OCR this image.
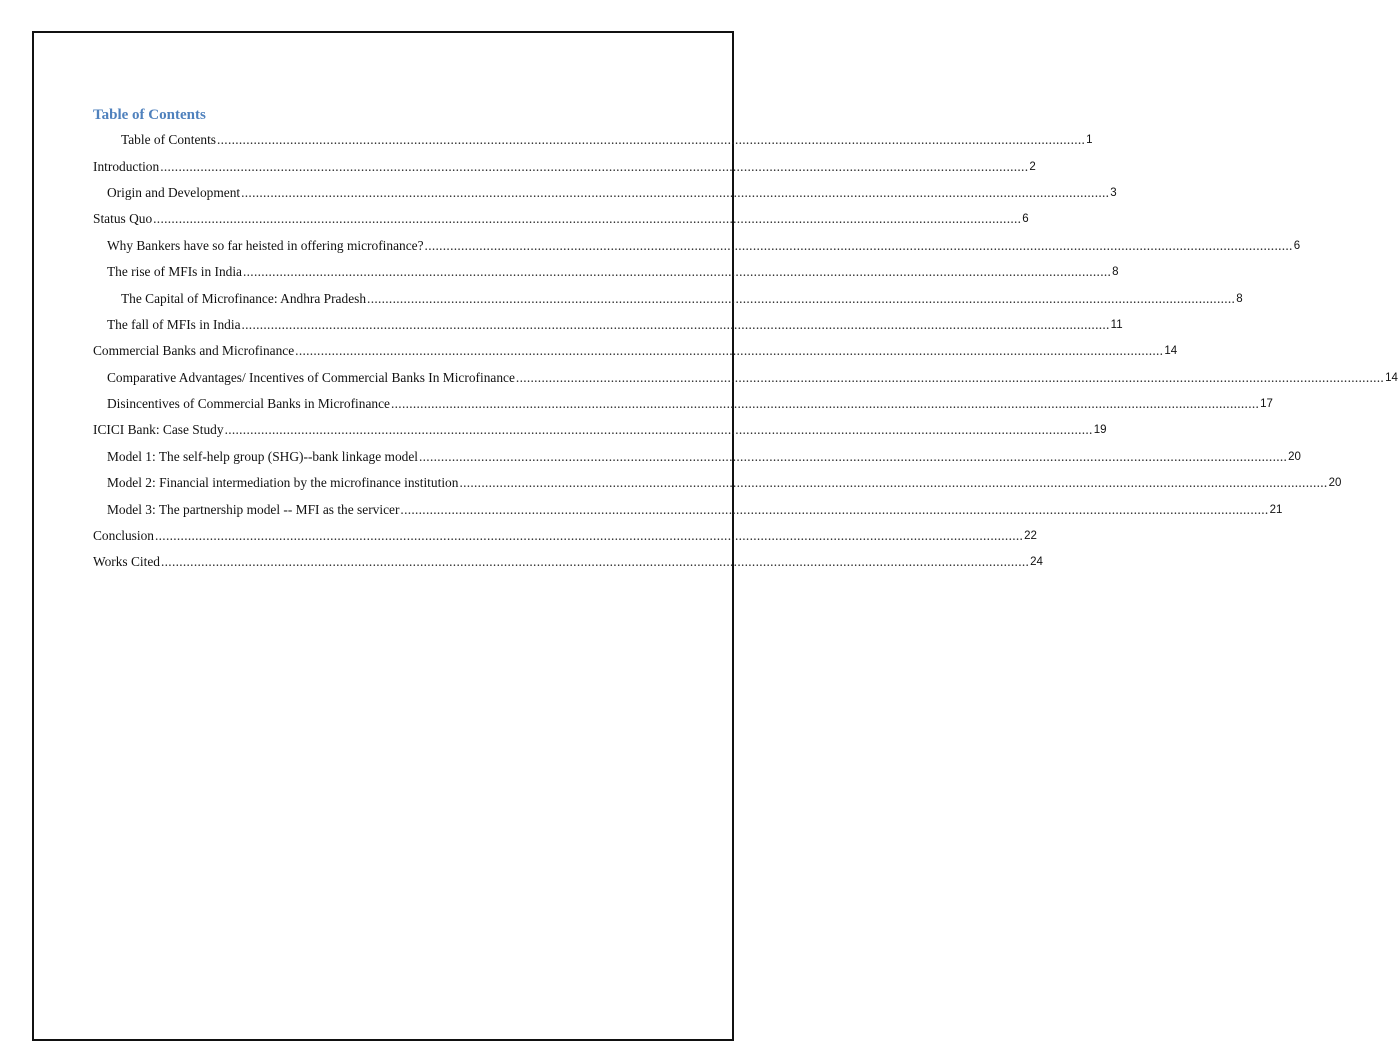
Table of Contents
Table of Contents .............................................................................................................................................................................................................................................. 1
Introduction .............................................................................................................................................................................................................................................. 2
Origin and Development .............................................................................................................................................................................................................................................. 3
Status Quo .............................................................................................................................................................................................................................................. 6
Why Bankers have so far heisted in offering microfinance? .............................................................................................................................................................................................................................................. 6
The rise of MFIs in India .............................................................................................................................................................................................................................................. 8
The Capital of Microfinance: Andhra Pradesh .............................................................................................................................................................................................................................................. 8
The fall of MFIs in India .............................................................................................................................................................................................................................................. 11
Commercial Banks and Microfinance .............................................................................................................................................................................................................................................. 14
Comparative Advantages/ Incentives of Commercial Banks In Microfinance .............................................................................................................................................................................................................................................. 14
Disincentives of Commercial Banks in Microfinance .............................................................................................................................................................................................................................................. 17
ICICI Bank: Case Study .............................................................................................................................................................................................................................................. 19
Model 1: The self-help group (SHG)--bank linkage model .............................................................................................................................................................................................................................................. 20
Model 2: Financial intermediation by the microfinance institution .............................................................................................................................................................................................................................................. 20
Model 3: The partnership model -- MFI as the servicer .............................................................................................................................................................................................................................................. 21
Conclusion .............................................................................................................................................................................................................................................. 22
Works Cited .............................................................................................................................................................................................................................................. 24
